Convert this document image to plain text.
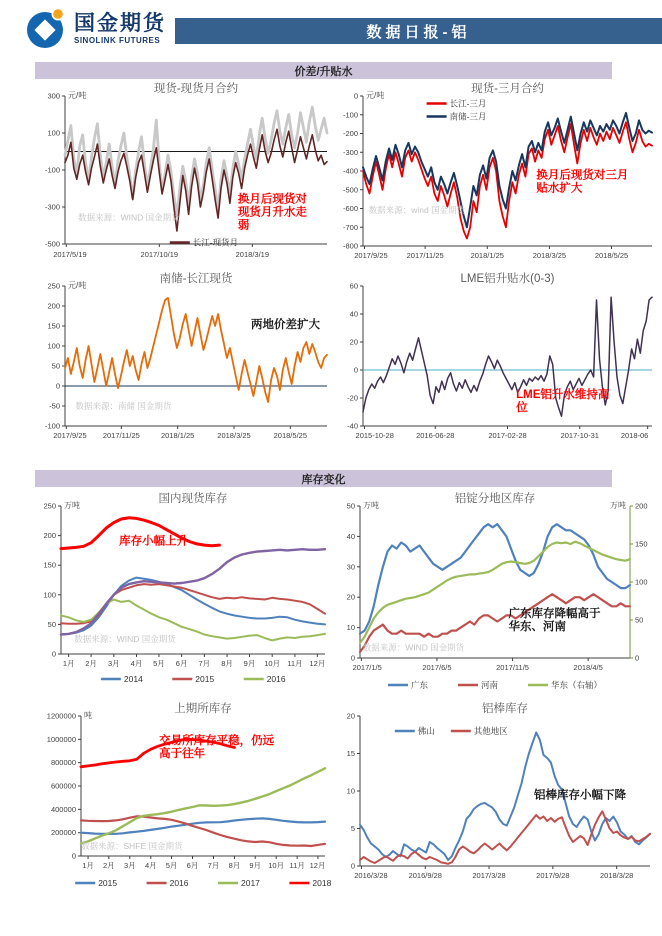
国金期货
SINOLINK FUTURES	数据日报-铝
价差/升贴水
库存变化
300
100
-100
-300
-500
2017/5/19	2017/10/19	2018/3/19
现货-现货月合约
元/吨
数据来源：WIND 国金期货
换月后现货对现货月升水走弱
长江-现货月
0
-100
-200
-300
-400
-500
-600
-700
-800
2017/9/25	2017/11/25	2018/1/25	2018/3/25	2018/5/25
现货-三月合约
元/吨
数据来源：wind 国金期货
换月后现货对三月贴水扩大
长江-三月
南储-三月
250
200
150
100
50
0
-50
-100
2017/9/25 2017/11/25	2018/1/25	2018/3/25	2018/5/25
南储-长江现货
元/吨
数据来源：南储 国金期货
两地价差扩大
60
40
20
0
-20
-40
2015-10-28	2016-06-28	2017-02-28	2017-10-31	2018-06
LME铝升贴水(0-3)
LME铝升水维持高位
250
200
150
100
50
0
1月 2月 3月 4月 5月 6月 7月 8月 9月 10月 11月 12月
国内现货库存
万吨
数据来源：WIND 国金期货
库存小幅上升
2014	2015	2016
50
40
30
20
10
0
200
150
100
50
0
2017/1/5	2017/6/5	2017/11/5	2018/4/5
铝锭分地区库存
万吨	万吨
数据来源：WIND 国金期货
广东库存降幅高于华东、河南
广东	河南	华东（右轴）
1200000
1000000
800000
600000
400000
200000
0
1月 2月 3月 4月 5月 6月 7月 8月 9月 10月 11月 12月
上期所库存
吨
数据来源：SHFE 国金期货
交易所库存平稳，仍远高于往年
2015	2016	2017	2018
20
15
10
5
0
2016/3/28	2016/9/28	2017/3/28	2017/9/28	2018/3/28
铝棒库存
铝棒库存小幅下降
佛山	其他地区
